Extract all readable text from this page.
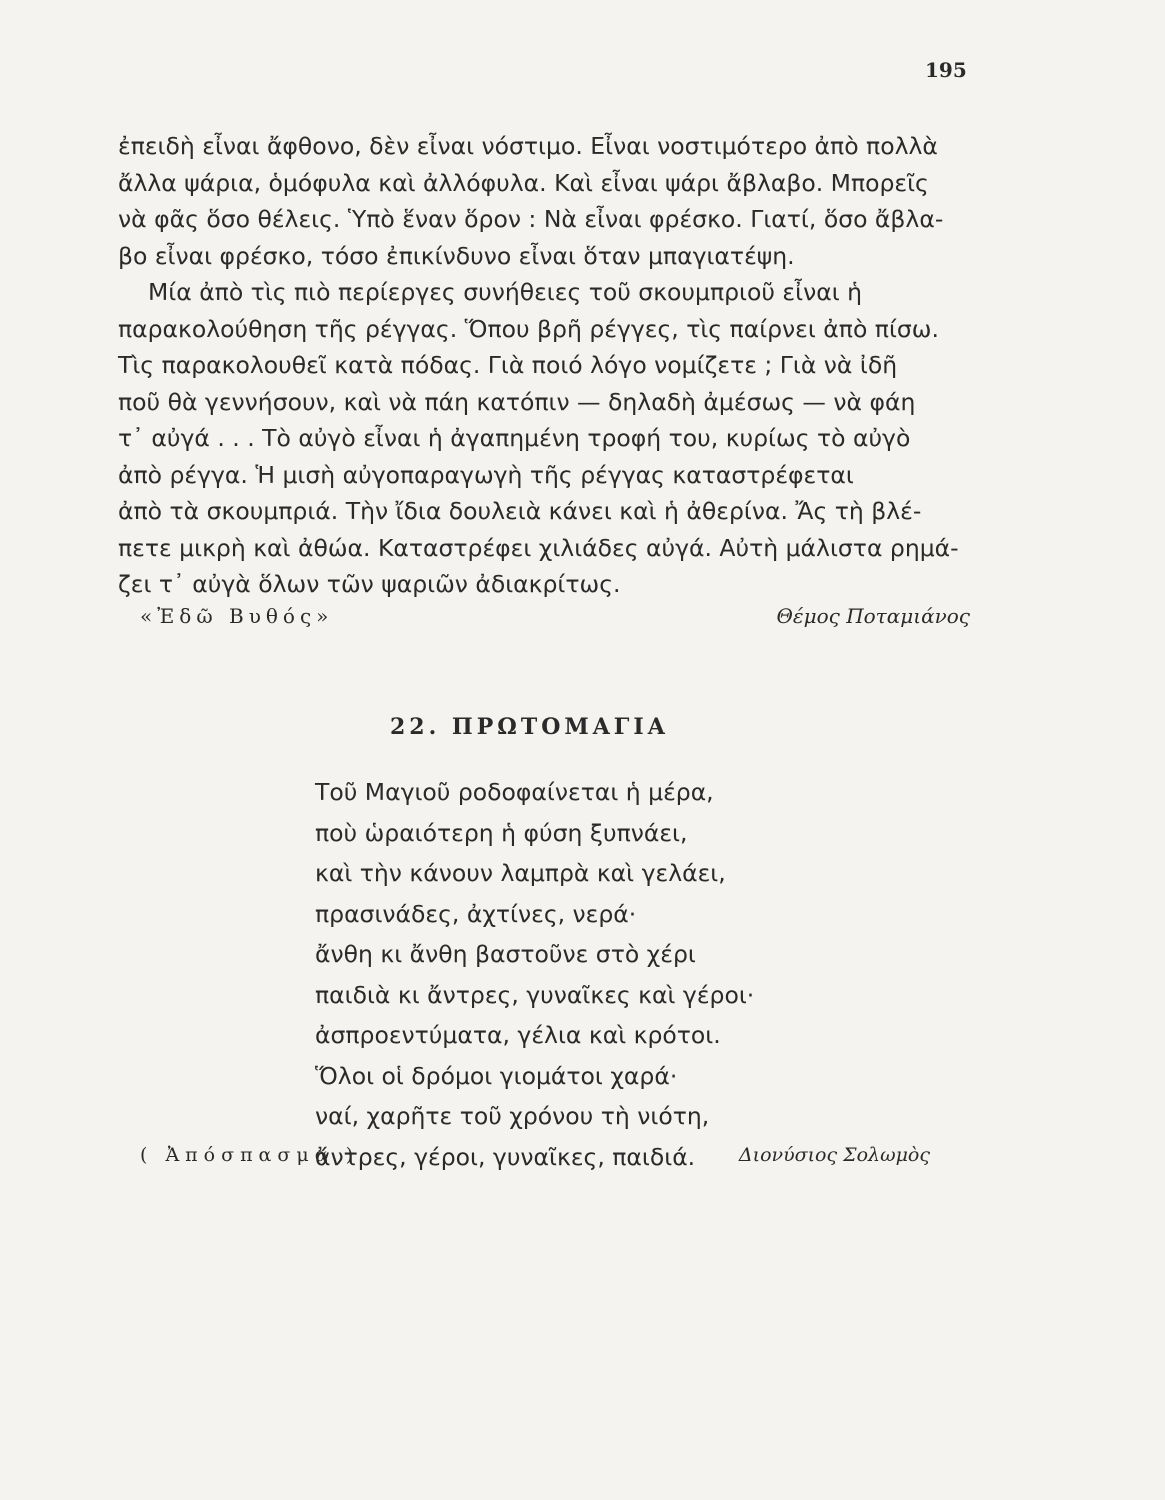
195
ἐπειδὴ εἶναι ἄφθονο, δὲν εἶναι νόστιμο. Εἶναι νοστιμότερο ἀπὸ πολλὰ
ἄλλα ψάρια, ὁμόφυλα καὶ ἀλλόφυλα. Καὶ εἶναι ψάρι ἄβλαβο. Μπορεῖς
νὰ φᾶς ὅσο θέλεις. Ὑπὸ ἕναν ὅρον : Νὰ εἶναι φρέσκο. Γιατί, ὅσο ἄβλα-
βο εἶναι φρέσκο, τόσο ἐπικίνδυνο εἶναι ὅταν μπαγιατέψη.
Μία ἀπὸ τὶς πιὸ περίεργες συνήθειες τοῦ σκουμπριοῦ εἶναι ἡ
παρακολούθηση τῆς ρέγγας. Ὅπου βρῆ ρέγγες, τὶς παίρνει ἀπὸ πίσω.
Τὶς παρακολουθεῖ κατὰ πόδας. Γιὰ ποιό λόγο νομίζετε ; Γιὰ νὰ ἰδῆ
ποῦ θὰ γεννήσουν, καὶ νὰ πάη κατόπιν — δηλαδὴ ἀμέσως — νὰ φάη
τ᾽ αὐγά . . . Τὸ αὐγὸ εἶναι ἡ ἀγαπημένη τροφή του, κυρίως τὸ αὐγὸ
ἀπὸ ρέγγα. Ἡ μισὴ αὐγοπαραγωγὴ τῆς ρέγγας καταστρέφεται
ἀπὸ τὰ σκουμπριά. Τὴν ἴδια δουλειὰ κάνει καὶ ἡ ἀθερίνα. Ἄς τὴ βλέ-
πετε μικρὴ καὶ ἀθώα. Καταστρέφει χιλιάδες αὐγά. Αὐτὴ μάλιστα ρημά-
ζει τ᾽ αὐγὰ ὅλων τῶν ψαριῶν ἀδιακρίτως.
«Ἐδῶ Βυθός»	Θέμος Ποταμιάνος
22. ΠΡΩΤΟΜΑΓΙΑ
Τοῦ Μαγιοῦ ροδοφαίνεται ἡ μέρα,
ποὺ ὡραιότερη ἡ φύση ξυπνάει,
καὶ τὴν κάνουν λαμπρὰ καὶ γελάει,
πρασινάδες, ἀχτίνες, νερά·
ἄνθη κι ἄνθη βαστοῦνε στὸ χέρι
παιδιὰ κι ἄντρες, γυναῖκες καὶ γέροι·
ἀσπροεντύματα, γέλια καὶ κρότοι.
Ὅλοι οἱ δρόμοι γιομάτοι χαρά·
ναί, χαρῆτε τοῦ χρόνου τὴ νιότη,
ἄντρες, γέροι, γυναῖκες, παιδιά.
( Ἀπόσπασμα )	Διονύσιος Σολωμὸς
